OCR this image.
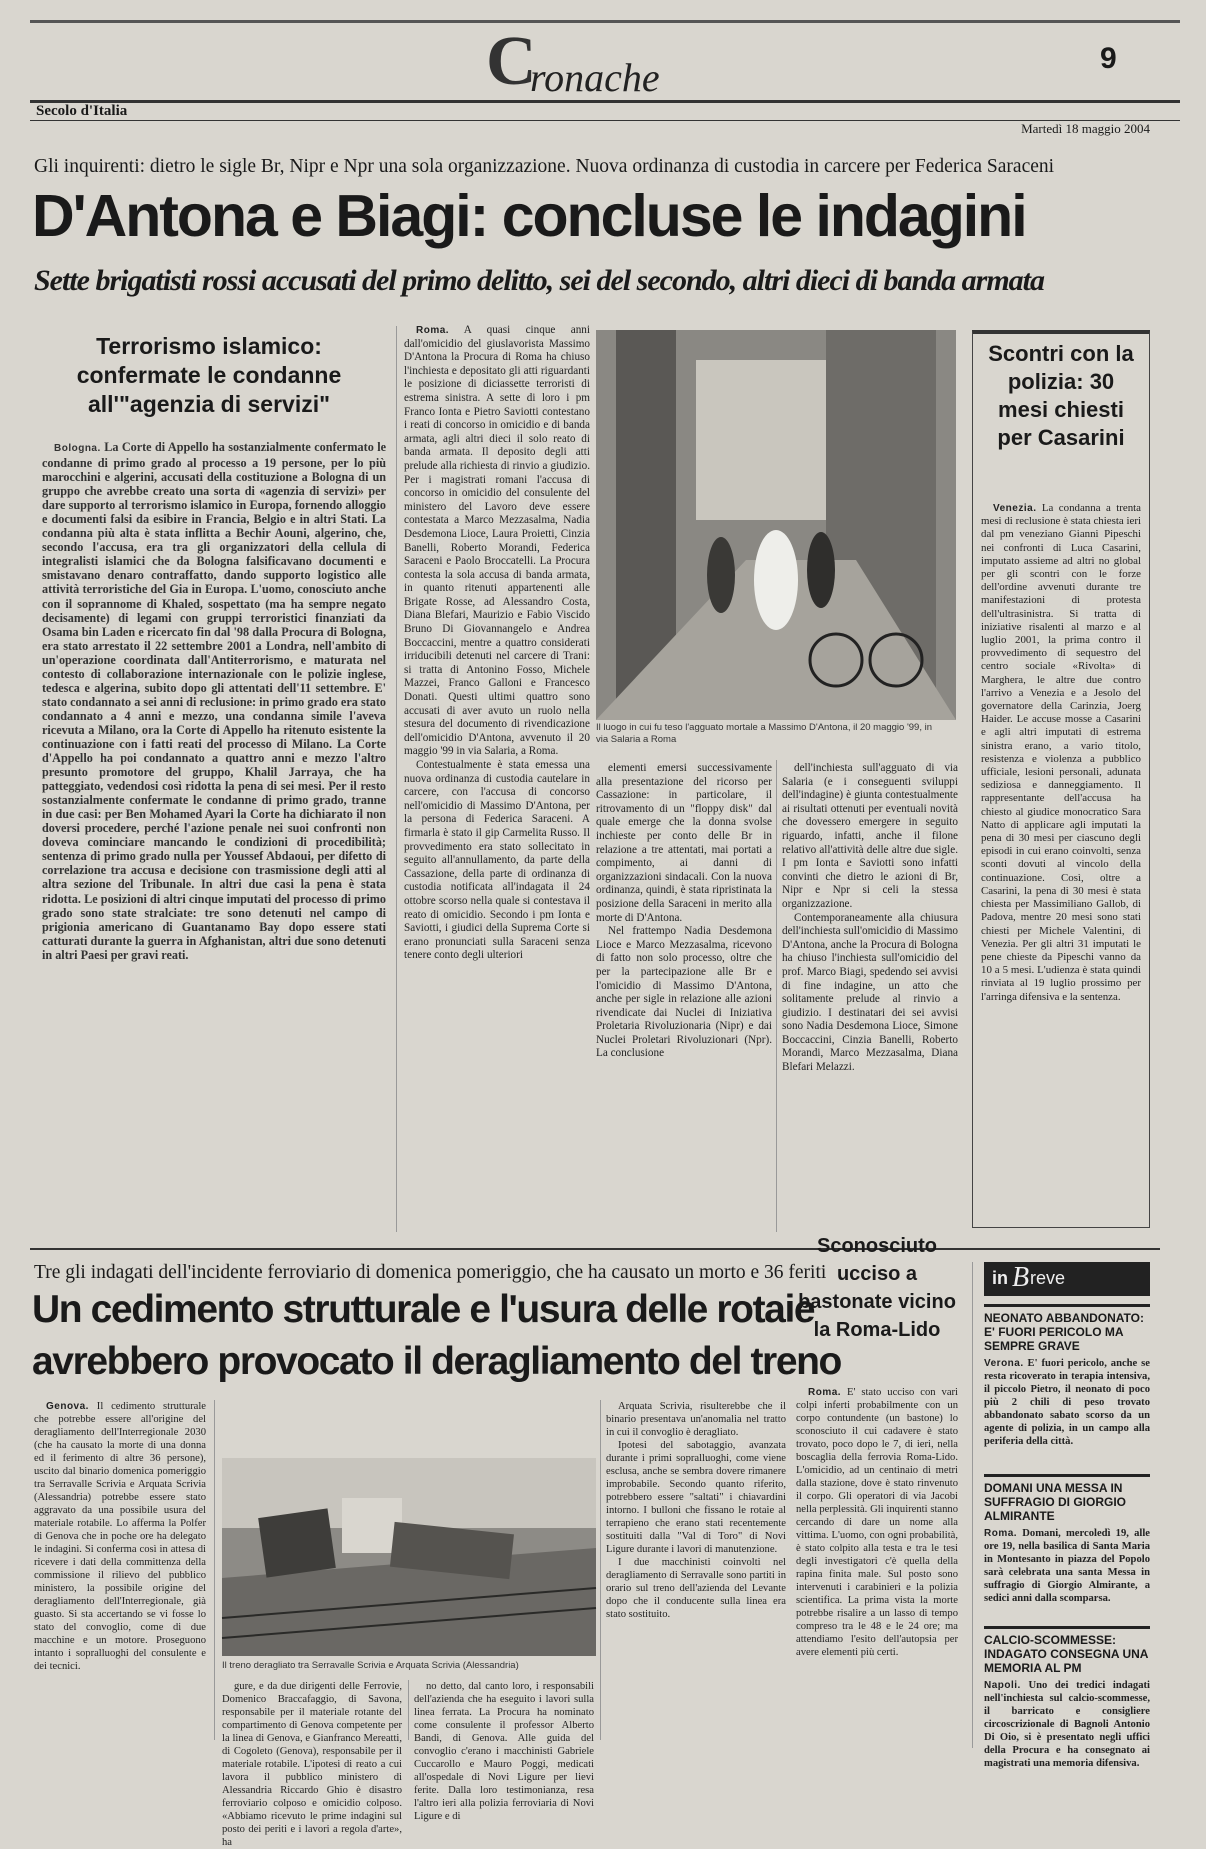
C
ronache	9
Secolo d'Italia
Martedì 18 maggio 2004
Gli inquirenti: dietro le sigle Br, Nipr e Npr una sola organizzazione. Nuova ordinanza di custodia in carcere per Federica Saraceni
D'Antona e Biagi: concluse le indagini
Sette brigatisti rossi accusati del primo delitto, sei del secondo, altri dieci di banda armata
Terrorismo islamico: confermate le condanne all'"agenzia di servizi"

Bologna. La Corte di Appello ha sostanzialmente confermato le condanne di primo grado al processo a 19 persone, per lo più marocchini e algerini, accusati della costituzione a Bologna di un gruppo che avrebbe creato una sorta di «agenzia di servizi» per dare supporto al terrorismo islamico in Europa, fornendo alloggio e documenti falsi da esibire in Francia, Belgio e in altri Stati. La condanna più alta è stata inflitta a Bechir Aouni, algerino, che, secondo l'accusa, era tra gli organizzatori della cellula di integralisti islamici che da Bologna falsificavano documenti e smistavano denaro contraffatto, dando supporto logistico alle attività terroristiche del Gia in Europa. L'uomo, conosciuto anche con il soprannome di Khaled, sospettato (ma ha sempre negato decisamente) di legami con gruppi terroristici finanziati da Osama bin Laden e ricercato fin dal '98 dalla Procura di Bologna, era stato arrestato il 22 settembre 2001 a Londra, nell'ambito di un'operazione coordinata dall'Antiterrorismo, e maturata nel contesto di collaborazione internazionale con le polizie inglese, tedesca e algerina, subito dopo gli attentati dell'11 settembre. E' stato condannato a sei anni di reclusione: in primo grado era stato condannato a 4 anni e mezzo, una condanna simile l'aveva ricevuta a Milano, ora la Corte di Appello ha ritenuto esistente la continuazione con i fatti reati del processo di Milano. La Corte d'Appello ha poi condannato a quattro anni e mezzo l'altro presunto promotore del gruppo, Khalil Jarraya, che ha patteggiato, vedendosi così ridotta la pena di sei mesi. Per il resto sostanzialmente confermate le condanne di primo grado, tranne in due casi: per Ben Mohamed Ayari la Corte ha dichiarato il non doversi procedere, perché l'azione penale nei suoi confronti non doveva cominciare mancando le condizioni di procedibilità; sentenza di primo grado nulla per Youssef Abdaoui, per difetto di correlazione tra accusa e decisione con trasmissione degli atti al altra sezione del Tribunale. In altri due casi la pena è stata ridotta. Le posizioni di altri cinque imputati del processo di primo grado sono state stralciate: tre sono detenuti nel campo di prigionia americano di Guantanamo Bay dopo essere stati catturati durante la guerra in Afghanistan, altri due sono detenuti in altri Paesi per gravi reati.

Roma. A quasi cinque anni dall'omicidio del giuslavorista Massimo D'Antona la Procura di Roma ha chiuso l'inchiesta e depositato gli atti riguardanti le posizione di diciassette terroristi di estrema sinistra. A sette di loro i pm Franco Ionta e Pietro Saviotti contestano i reati di concorso in omicidio e di banda armata, agli altri dieci il solo reato di banda armata. Il deposito degli atti prelude alla richiesta di rinvio a giudizio. Per i magistrati romani l'accusa di concorso in omicidio del consulente del ministero del Lavoro deve essere contestata a Marco Mezzasalma, Nadia Desdemona Lioce, Laura Proietti, Cinzia Banelli, Roberto Morandi, Federica Saraceni e Paolo Broccatelli. La Procura contesta la sola accusa di banda armata, in quanto ritenuti appartenenti alle Brigate Rosse, ad Alessandro Costa, Diana Blefari, Maurizio e Fabio Viscido Bruno Di Giovannangelo e Andrea Boccaccini, mentre a quattro considerati irriducibili detenuti nel carcere di Trani: si tratta di Antonino Fosso, Michele Mazzei, Franco Galloni e Francesco Donati. Questi ultimi quattro sono accusati di aver avuto un ruolo nella stesura del documento di rivendicazione dell'omicidio D'Antona, avvenuto il 20 maggio '99 in via Salaria, a Roma.

Contestualmente è stata emessa una nuova ordinanza di custodia cautelare in carcere, con l'accusa di concorso nell'omicidio di Massimo D'Antona, per la persona di Federica Saraceni. A firmarla è stato il gip Carmelita Russo. Il provvedimento era stato sollecitato in seguito all'annullamento, da parte della Cassazione, della parte di ordinanza di custodia notificata all'indagata il 24 ottobre scorso nella quale si contestava il reato di omicidio. Secondo i pm Ionta e Saviotti, i giudici della Suprema Corte si erano pronunciati sulla Saraceni senza tenere conto degli ulteriori

Il luogo in cui fu teso l'agguato mortale a Massimo D'Antona, il 20 maggio '99, in via Salaria a Roma
Scontri con la polizia: 30 mesi chiesti per Casarini

Venezia. La condanna a trenta mesi di reclusione è stata chiesta ieri dal pm veneziano Gianni Pipeschi nei confronti di Luca Casarini, imputato assieme ad altri no global per gli scontri con le forze dell'ordine avvenuti durante tre manifestazioni di protesta dell'ultrasinistra. Si tratta di iniziative risalenti al marzo e al luglio 2001, la prima contro il provvedimento di sequestro del centro sociale «Rivolta» di Marghera, le altre due contro l'arrivo a Venezia e a Jesolo del governatore della Carinzia, Joerg Haider. Le accuse mosse a Casarini e agli altri imputati di estrema sinistra erano, a vario titolo, resistenza e violenza a pubblico ufficiale, lesioni personali, adunata sediziosa e danneggiamento. Il rappresentante dell'accusa ha chiesto al giudice monocratico Sara Natto di applicare agli imputati la pena di 30 mesi per ciascuno degli episodi in cui erano coinvolti, senza sconti dovuti al vincolo della continuazione. Così, oltre a Casarini, la pena di 30 mesi è stata chiesta per Massimiliano Gallob, di Padova, mentre 20 mesi sono stati chiesti per Michele Valentini, di Venezia. Per gli altri 31 imputati le pene chieste da Pipeschi vanno da 10 a 5 mesi. L'udienza è stata quindi rinviata al 19 luglio prossimo per l'arringa difensiva e la sentenza.

elementi emersi successivamente alla presentazione del ricorso per Cassazione: in particolare, il ritrovamento di un "floppy disk" dal quale emerge che la donna svolse inchieste per conto delle Br in relazione a tre attentati, mai portati a compimento, ai danni di organizzazioni sindacali. Con la nuova ordinanza, quindi, è stata ripristinata la posizione della Saraceni in merito alla morte di D'Antona.

Nel frattempo Nadia Desdemona Lioce e Marco Mezzasalma, ricevono di fatto non solo processo, oltre che per la partecipazione alle Br e l'omicidio di Massimo D'Antona, anche per sigle in relazione alle azioni rivendicate dai Nuclei di Iniziativa Proletaria Rivoluzionaria (Nipr) e dai Nuclei Proletari Rivoluzionari (Npr). La conclusione

dell'inchiesta sull'agguato di via Salaria (e i conseguenti sviluppi dell'indagine) è giunta contestualmente ai risultati ottenuti per eventuali novità che dovessero emergere in seguito riguardo, infatti, anche il filone relativo all'attività delle altre due sigle. I pm Ionta e Saviotti sono infatti convinti che dietro le azioni di Br, Nipr e Npr si celi la stessa organizzazione.

Contemporaneamente alla chiusura dell'inchiesta sull'omicidio di Massimo D'Antona, anche la Procura di Bologna ha chiuso l'inchiesta sull'omicidio del prof. Marco Biagi, spedendo sei avvisi di fine indagine, un atto che solitamente prelude al rinvio a giudizio. I destinatari dei sei avvisi sono Nadia Desdemona Lioce, Simone Boccaccini, Cinzia Banelli, Roberto Morandi, Marco Mezzasalma, Diana Blefari Melazzi.

Tre gli indagati dell'incidente ferroviario di domenica pomeriggio, che ha causato un morto e 36 feriti
Un cedimento strutturale e l'usura delle rotaie
avrebbero provocato il deragliamento del treno

Genova. Il cedimento strutturale che potrebbe essere all'origine del deragliamento dell'Interregionale 2030 (che ha causato la morte di una donna ed il ferimento di altre 36 persone), uscito dal binario domenica pomeriggio tra Serravalle Scrivia e Arquata Scrivia (Alessandria) potrebbe essere stato aggravato da una possibile usura del materiale rotabile. Lo afferma la Polfer di Genova che in poche ore ha delegato le indagini. Si conferma così in attesa di ricevere i dati della committenza della commissione il rilievo del pubblico ministero, la possibile origine del deragliamento dell'Interregionale, già guasto. Si sta accertando se vi fosse lo stato del convoglio, come di due macchine e un motore. Proseguono intanto i sopralluoghi del consulente e dei tecnici.	Il treno deragliato tra Serravalle Scrivia e Arquata Scrivia (Alessandria)

gure, e da due dirigenti delle Ferrovie, Domenico Braccafaggio, di Savona, responsabile per il materiale rotante del compartimento di Genova competente per la linea di Genova, e Gianfranco Mereatti, di Cogoleto (Genova), responsabile per il materiale rotabile. L'ipotesi di reato a cui lavora il pubblico ministero di Alessandria Riccardo Ghio è disastro ferroviario colposo e omicidio colposo. «Abbiamo ricevuto le prime indagini sul posto dei periti e i lavori a regola d'arte», ha

no detto, dal canto loro, i responsabili dell'azienda che ha eseguito i lavori sulla linea ferrata. La Procura ha nominato come consulente il professor Alberto Bandi, di Genova. Alle guida del convoglio c'erano i macchinisti Gabriele Cuccarollo e Mauro Poggi, medicati all'ospedale di Novi Ligure per lievi ferite. Dalla loro testimonianza, resa l'altro ieri alla polizia ferroviaria di Novi Ligure e di

Arquata Scrivia, risulterebbe che il binario presentava un'anomalia nel tratto in cui il convoglio è deragliato.

Ipotesi del sabotaggio, avanzata durante i primi sopralluoghi, come viene esclusa, anche se sembra dovere rimanere improbabile. Secondo quanto riferito, potrebbero essere "saltati" i chiavardini intorno. I bulloni che fissano le rotaie al terrapieno che erano stati recentemente sostituiti dalla "Val di Toro" di Novi Ligure durante i lavori di manutenzione.

I due macchinisti coinvolti nel deragliamento di Serravalle sono partiti in orario sul treno dell'azienda del Levante dopo che il conducente sulla linea era stato sostituito.

Sconosciuto ucciso a bastonate vicino la Roma-Lido

Roma. E' stato ucciso con vari colpi inferti probabilmente con un corpo contundente (un bastone) lo sconosciuto il cui cadavere è stato trovato, poco dopo le 7, di ieri, nella boscaglia della ferrovia Roma-Lido. L'omicidio, ad un centinaio di metri dalla stazione, dove è stato rinvenuto il corpo. Gli operatori di via Jacobi nella perplessità. Gli inquirenti stanno cercando di dare un nome alla vittima. L'uomo, con ogni probabilità, è stato colpito alla testa e tra le tesi degli investigatori c'è quella della rapina finita male. Sul posto sono intervenuti i carabinieri e la polizia scientifica. La prima vista la morte potrebbe risalire a un lasso di tempo compreso tra le 48 e le 24 ore; ma attendiamo l'esito dell'autopsia per avere elementi più certi.

in B reve
NEONATO ABBANDONATO: E' FUORI PERICOLO MA SEMPRE GRAVE
Verona. E' fuori pericolo, anche se resta ricoverato in terapia intensiva, il piccolo Pietro, il neonato di poco più 2 chili di peso trovato abbandonato sabato scorso da un agente di polizia, in un campo alla periferia della città.
DOMANI UNA MESSA IN SUFFRAGIO DI GIORGIO ALMIRANTE
Roma. Domani, mercoledì 19, alle ore 19, nella basilica di Santa Maria in Montesanto in piazza del Popolo sarà celebrata una santa Messa in suffragio di Giorgio Almirante, a sedici anni dalla scomparsa.
CALCIO-SCOMMESSE: INDAGATO CONSEGNA UNA MEMORIA AL PM
Napoli. Uno dei tredici indagati nell'inchiesta sul calcio-scommesse, il barricato e consigliere circoscrizionale di Bagnoli Antonio Di Oio, si è presentato negli uffici della Procura e ha consegnato ai magistrati una memoria difensiva.
